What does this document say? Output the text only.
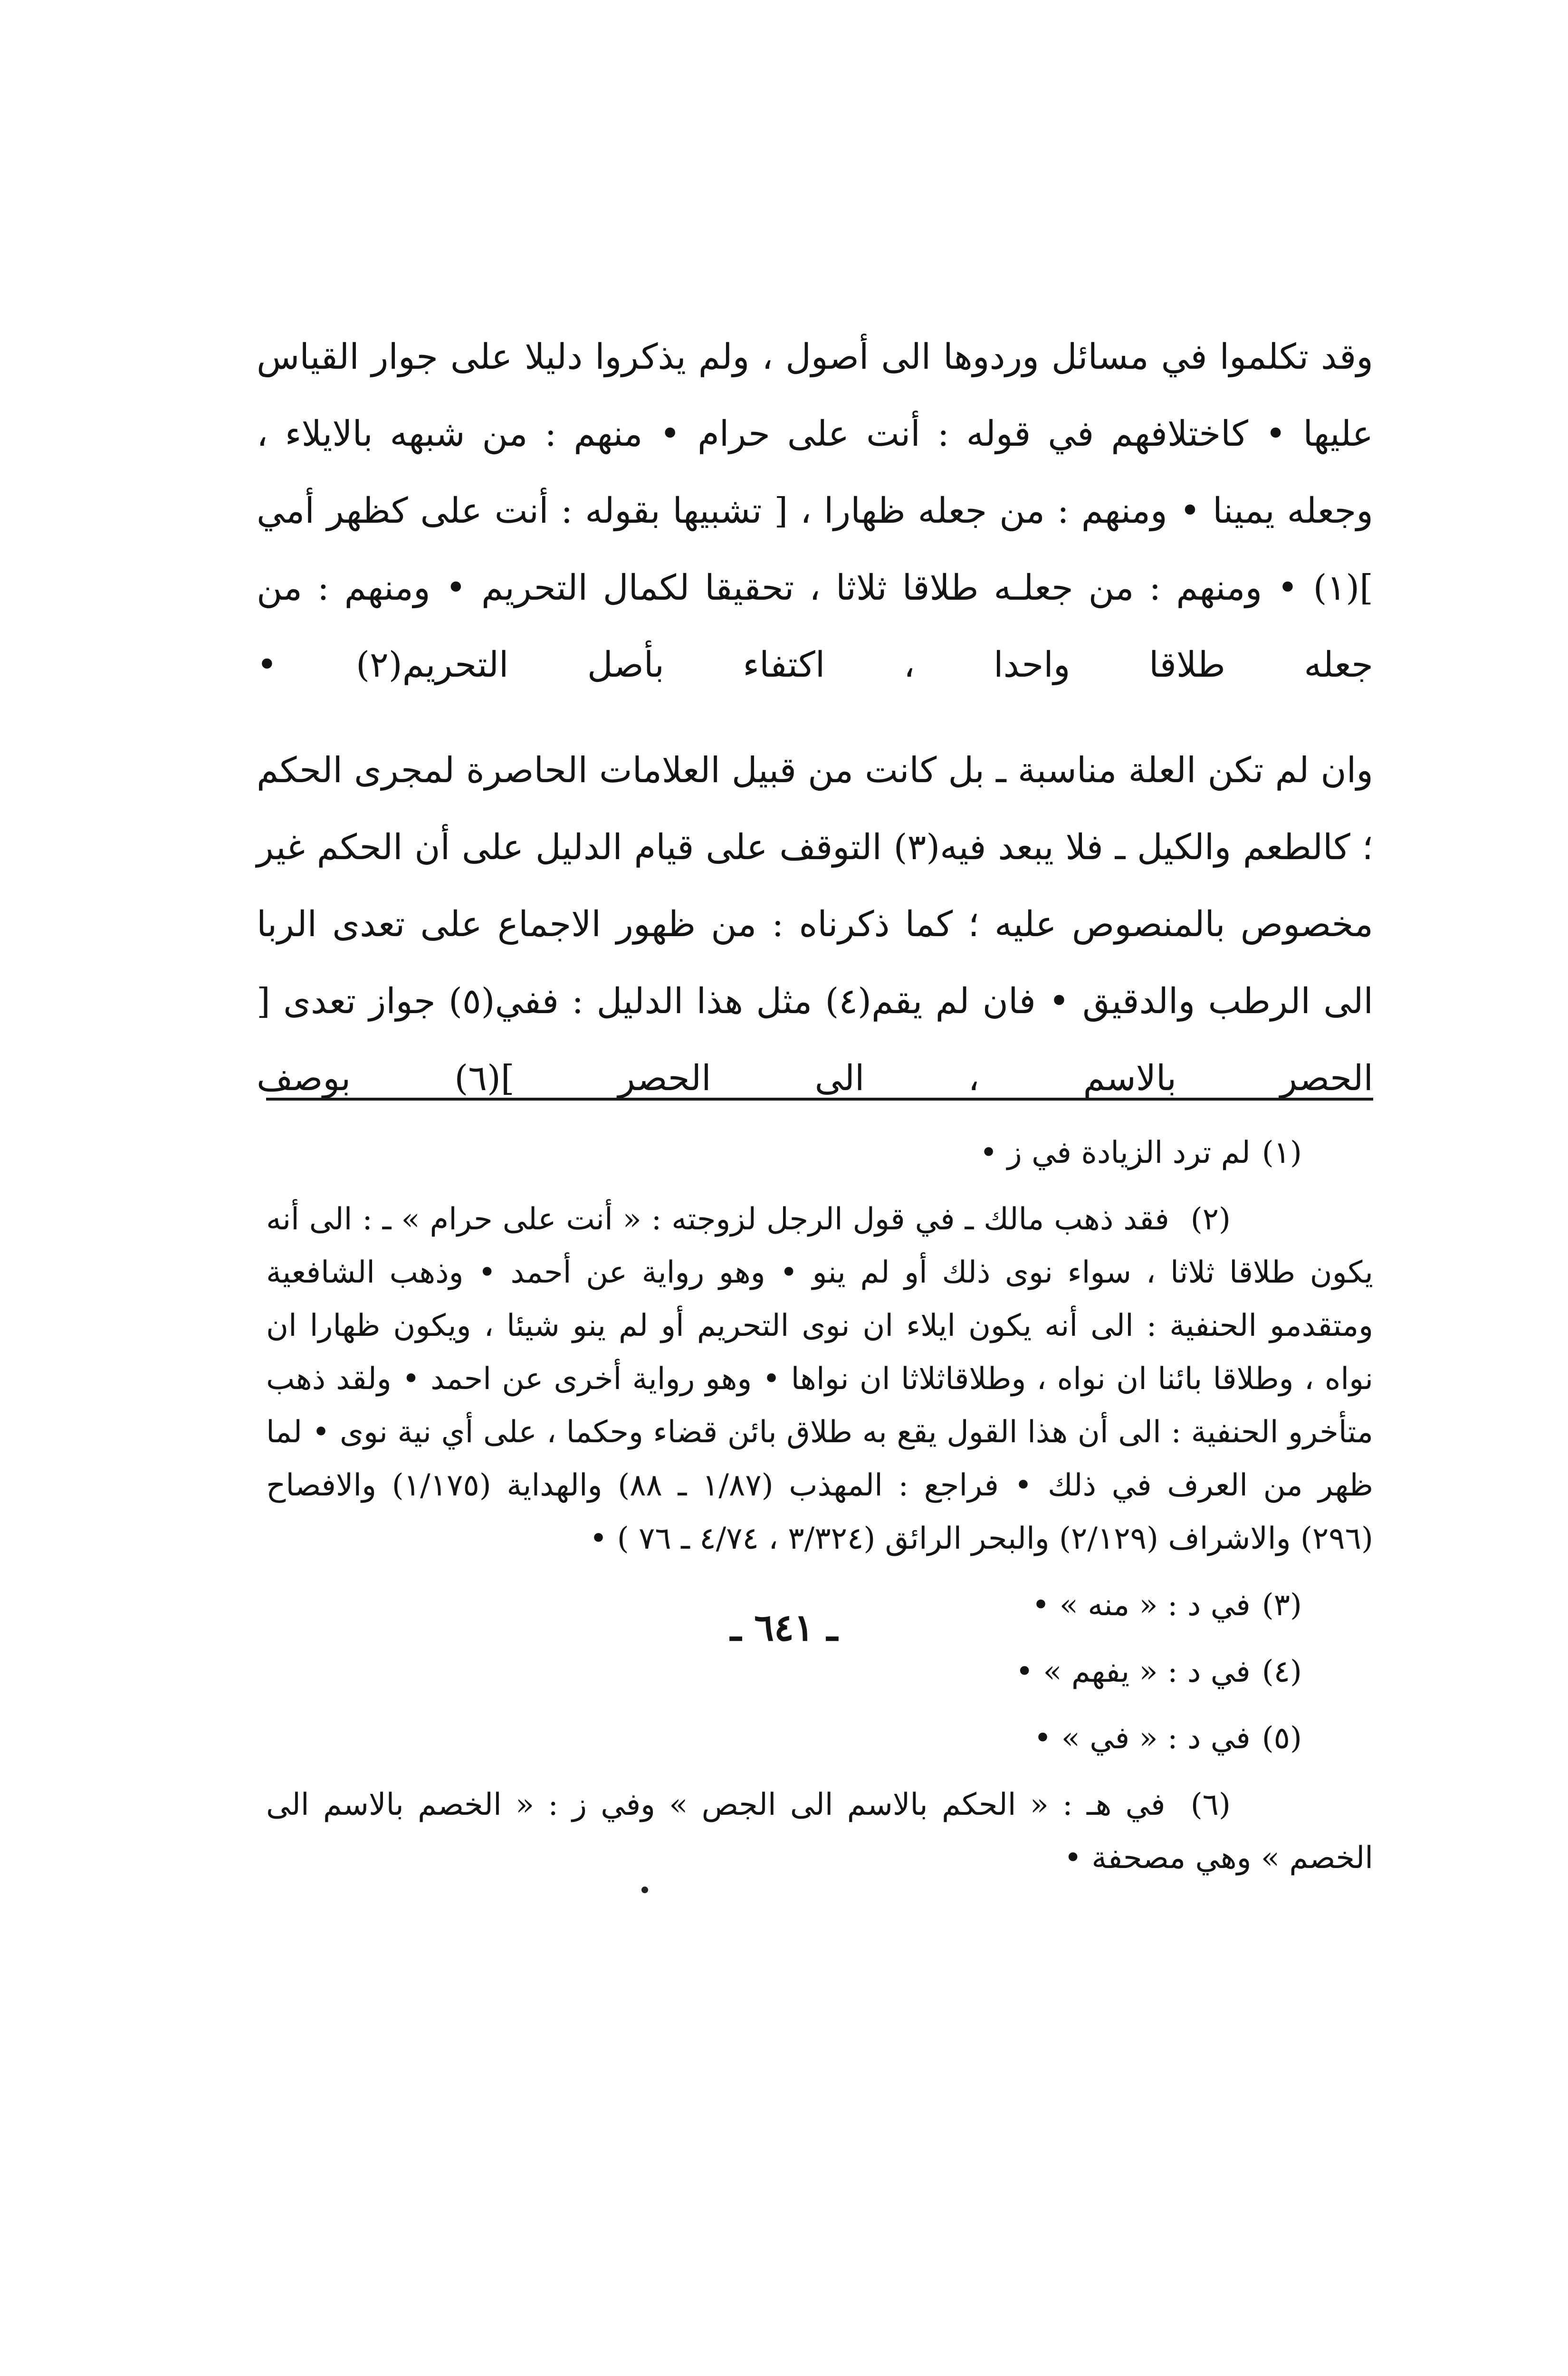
وقد تكلموا في مسائل وردوها الى أصول ، ولم يذكروا دليلا على جوار القياس عليها • كاختلافهم في قوله : أنت على حرام • منهم : من شبهه بالايلاء ، وجعله يمينا • ومنهم : من جعله ظهارا ، [ تشبيها بقوله : أنت على كظهر أمي ](١) • ومنهم : من جعلـه طلاقا ثلاثا ، تحقيقا لكمال التحريم • ومنهم : من جعله طلاقا واحدا ، اكتفاء بأصل التحريم(٢) •

وان لم تكن العلة مناسبة ـ بل كانت من قبيل العلامات الحاصرة لمجرى الحكم ؛ كالطعم والكيل ـ فلا يبعد فيه(٣) التوقف على قيام الدليل على أن الحكم غير مخصوص بالمنصوص عليه ؛ كما ذكرناه : من ظهور الاجماع على تعدى الربا الى الرطب والدقيق • فان لم يقم(٤) مثل هذا الدليل : ففي(٥) جواز تعدى [ الحصر بالاسم ، الى الحصر ](٦) بوصف

(١)لم ترد الزيادة في ز •
(٢) فقد ذهب مالك ـ في قول الرجل لزوجته : « أنت على حرام » ـ : الى أنه يكون طلاقا ثلاثا ، سواء نوى ذلك أو لم ينو • وهو رواية عن أحمد • وذهب الشافعية ومتقدمو الحنفية : الى أنه يكون ايلاء ان نوى التحريم أو لم ينو شيئا ، ويكون ظهارا ان نواه ، وطلاقا بائنا ان نواه ، وطلاقاثلاثا ان نواها • وهو رواية أخرى عن احمد • ولقد ذهب متأخرو الحنفية : الى أن هذا القول يقع به طلاق بائن قضاء وحكما ، على أي نية نوى • لما ظهر من العرف في ذلك • فراجع : المهذب (١/٨٧ ـ ٨٨) والهداية (١/١٧٥) والافصاح (٢٩٦) والاشراف (٢/١٢٩) والبحر الرائق (٣/٣٢٤ ، ٤/٧٤ ـ ٧٦ ) •
(٣)في د : « منه » •
(٤)في د : « يفهم » •
(٥)في د : « في » •
(٦) في هـ : « الحكم بالاسم الى الجص » وفي ز : « الخصم بالاسم الى الخصم » وهي مصحفة •
ـ ٦٤١ ـ
